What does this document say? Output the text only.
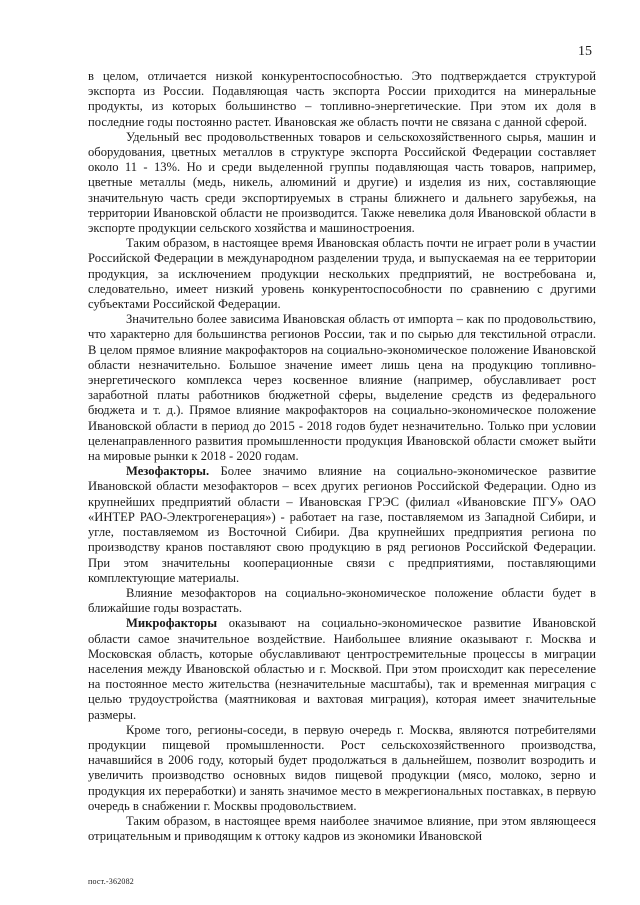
15

в целом, отличается низкой конкурентоспособностью. Это подтверждается структурой экспорта из России. Подавляющая часть экспорта России приходится на минеральные продукты, из которых большинство – топливно-энергетические. При этом их доля в последние годы постоянно растет. Ивановская же область почти не связана с данной сферой.

Удельный вес продовольственных товаров и сельскохозяйственного сырья, машин и оборудования, цветных металлов в структуре экспорта Российской Федерации составляет около 11 - 13%. Но и среди выделенной группы подавляющая часть товаров, например, цветные металлы (медь, никель, алюминий и другие) и изделия из них, составляющие значительную часть среди экспортируемых в страны ближнего и дальнего зарубежья, на территории Ивановской области не производится. Также невелика доля Ивановской области в экспорте продукции сельского хозяйства и машиностроения.

Таким образом, в настоящее время Ивановская область почти не играет роли в участии Российской Федерации в международном разделении труда, и выпускаемая на ее территории продукция, за исключением продукции нескольких предприятий, не востребована и, следовательно, имеет низкий уровень конкурентоспособности по сравнению с другими субъектами Российской Федерации.

Значительно более зависима Ивановская область от импорта – как по продовольствию, что характерно для большинства регионов России, так и по сырью для текстильной отрасли. В целом прямое влияние макрофакторов на социально-экономическое положение Ивановской области незначительно. Большое значение имеет лишь цена на продукцию топливно-энергетического комплекса через косвенное влияние (например, обуславливает рост заработной платы работников бюджетной сферы, выделение средств из федерального бюджета и т. д.). Прямое влияние макрофакторов на социально-экономическое положение Ивановской области в период до 2015 - 2018 годов будет незначительно. Только при условии целенаправленного развития промышленности продукция Ивановской области сможет выйти на мировые рынки к 2018 - 2020 годам.

Мезофакторы. Более значимо влияние на социально-экономическое развитие Ивановской области мезофакторов – всех других регионов Российской Федерации. Одно из крупнейших предприятий области – Ивановская ГРЭС (филиал «Ивановские ПГУ» ОАО «ИНТЕР РАО-Электрогенерация») - работает на газе, поставляемом из Западной Сибири, и угле, поставляемом из Восточной Сибири. Два крупнейших предприятия региона по производству кранов поставляют свою продукцию в ряд регионов Российской Федерации. При этом значительны кооперационные связи с предприятиями, поставляющими комплектующие материалы.

Влияние мезофакторов на социально-экономическое положение области будет в ближайшие годы возрастать.

Микрофакторы оказывают на социально-экономическое развитие Ивановской области самое значительное воздействие. Наибольшее влияние оказывают г. Москва и Московская область, которые обуславливают центростремительные процессы в миграции населения между Ивановской областью и г. Москвой. При этом происходит как переселение на постоянное место жительства (незначительные масштабы), так и временная миграция с целью трудоустройства (маятниковая и вахтовая миграция), которая имеет значительные размеры.

Кроме того, регионы-соседи, в первую очередь г. Москва, являются потребителями продукции пищевой промышленности. Рост сельскохозяйственного производства, начавшийся в 2006 году, который будет продолжаться в дальнейшем, позволит возродить и увеличить производство основных видов пищевой продукции (мясо, молоко, зерно и продукция их переработки) и занять значимое место в межрегиональных поставках, в первую очередь в снабжении г. Москвы продовольствием.

Таким образом, в настоящее время наиболее значимое влияние, при этом являющееся отрицательным и приводящим к оттоку кадров из экономики Ивановской

пост.-362082
